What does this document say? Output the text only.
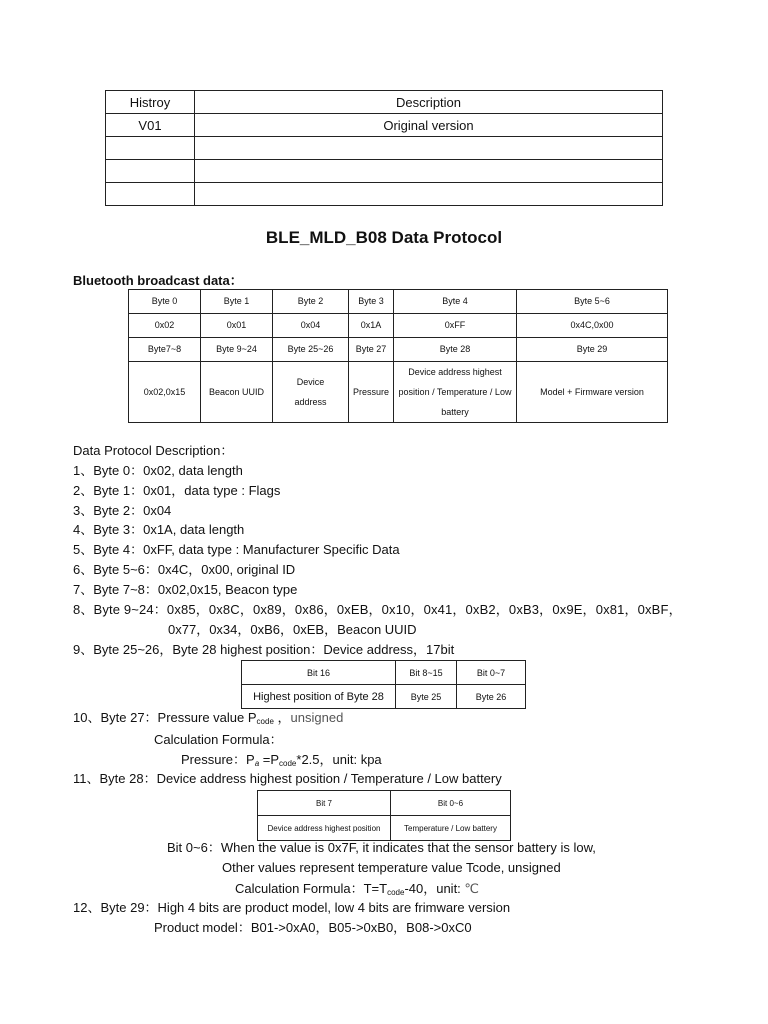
Histroy	Description
V01	Original version

BLE_MLD_B08 Data Protocol
Bluetooth broadcast data：
Byte 0	Byte 1	Byte 2	Byte 3	Byte 4	Byte 5~6
0x02	0x01	0x04	0x1A	0xFF	0x4C,0x00
Byte7~8	Byte 9~24	Byte 25~26	Byte 27	Byte 28	Byte 29
0x02,0x15	Beacon UUID	Device address	Pressure	Device address highest position / Temperature / Low battery	Model + Firmware version
Data Protocol Description：
1、Byte 0：0x02, data length
2、Byte 1：0x01，data type : Flags
3、Byte 2：0x04
4、Byte 3：0x1A, data length
5、Byte 4：0xFF, data type : Manufacturer Specific Data
6、Byte 5~6：0x4C，0x00, original ID
7、Byte 7~8：0x02,0x15, Beacon type
8、Byte 9~24：0x85，0x8C，0x89，0x86，0xEB，0x10，0x41，0xB2，0xB3，0x9E，0x81，0xBF，
0x77，0x34，0xB6，0xEB，Beacon UUID
9、Byte 25~26，Byte 28 highest position：Device address，17bit
Bit 16	Bit 8~15	Bit 0~7
Highest position of Byte 28	Byte 25	Byte 26
10、Byte 27：Pressure value $P_{code}$ ，unsigned
Calculation Formula：
Pressure：$P_a =P_{code}*2.5$，unit: kpa
11、Byte 28：Device address highest position / Temperature / Low battery
Bit 7	Bit 0~6
Device address highest position	Temperature / Low battery
Bit 0~6：When the value is 0x7F, it indicates that the sensor battery is low,
Other values represent temperature value Tcode, unsigned
Calculation Formula：$T=T_{code}-40$，unit: ℃
12、Byte 29：High 4 bits are product model, low 4 bits are frimware version
Product model：B01->0xA0，B05->0xB0，B08->0xC0
